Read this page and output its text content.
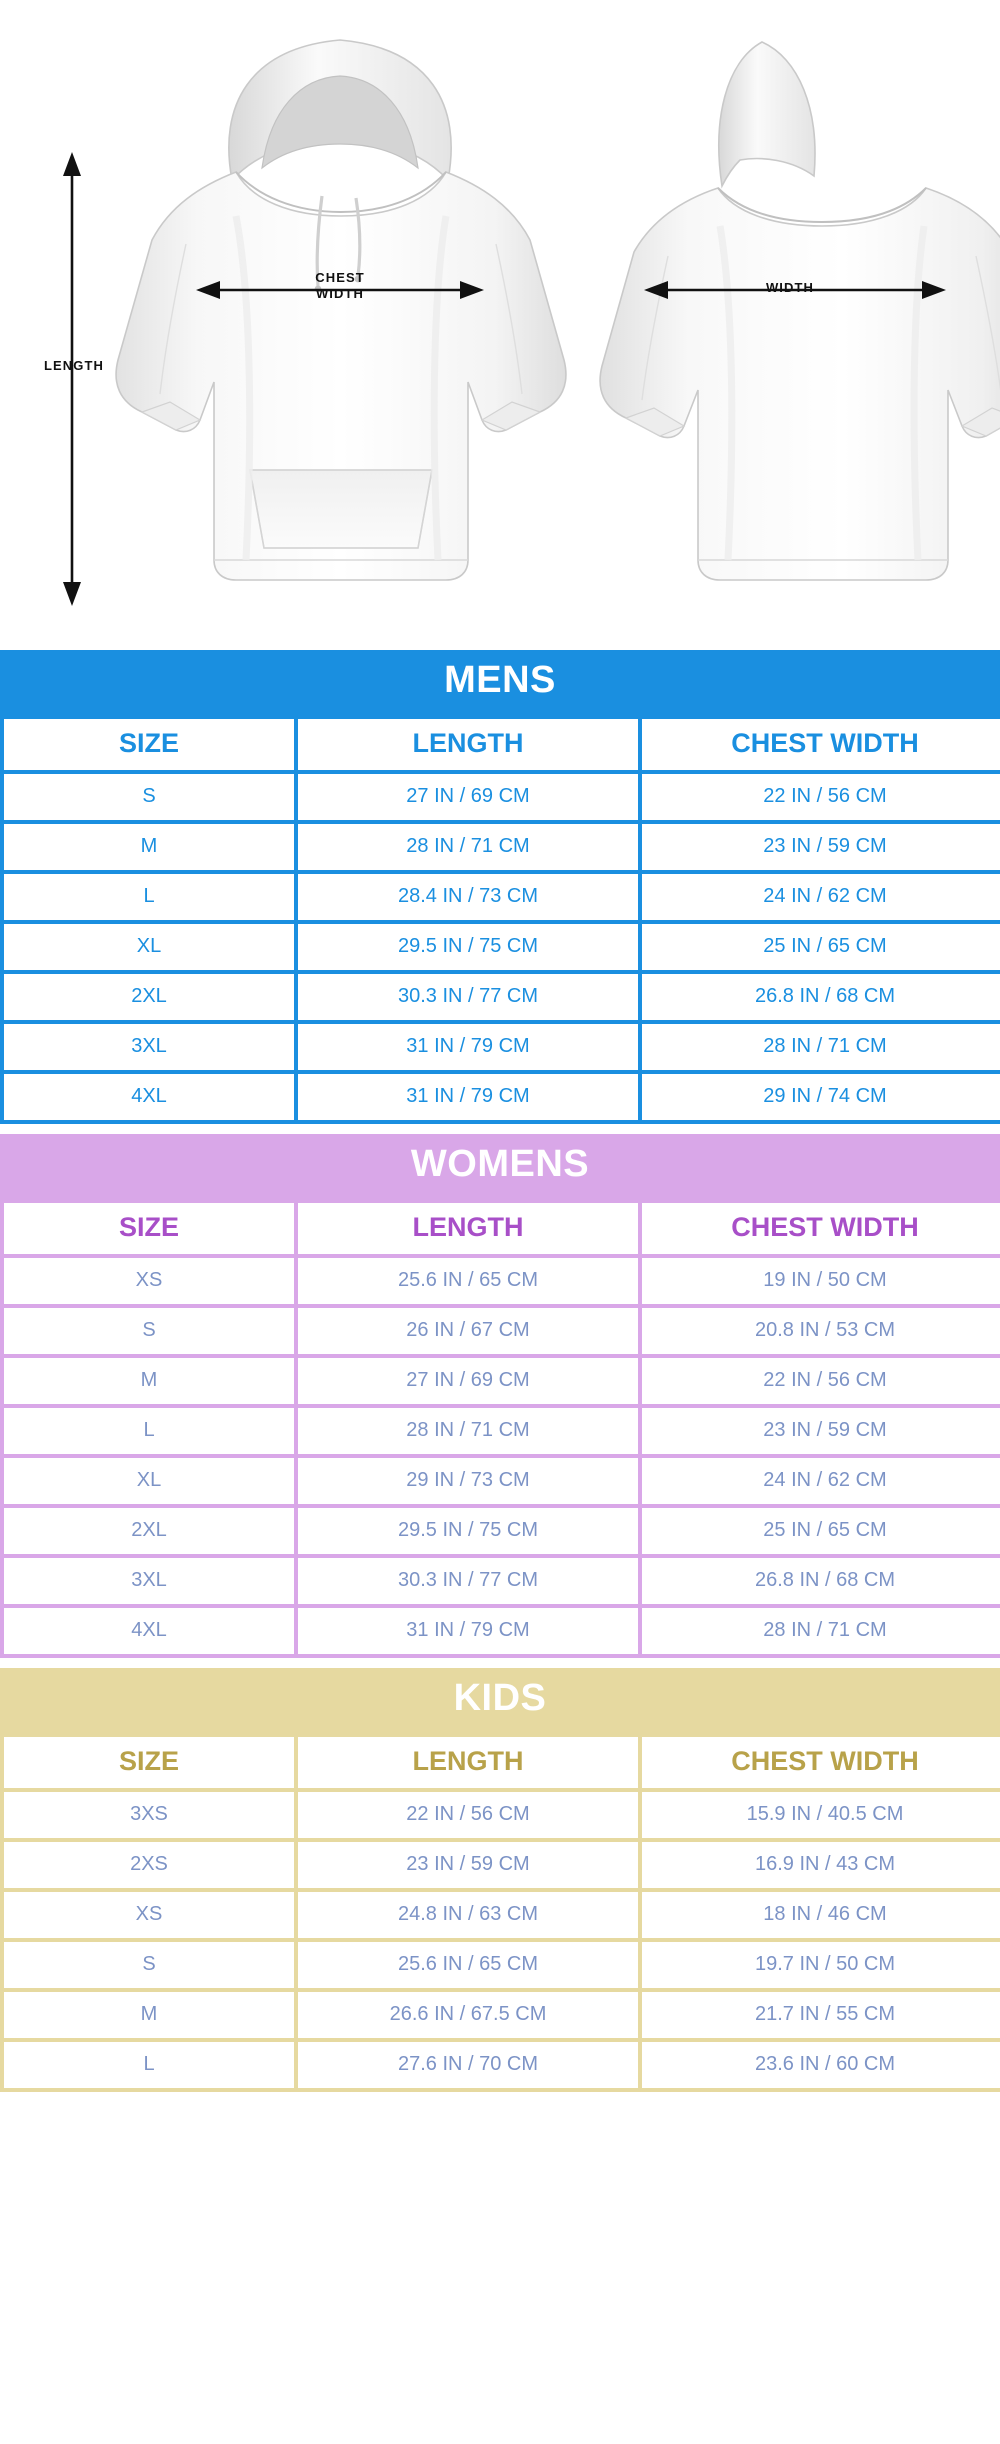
LENGTH
CHEST
WIDTH	WIDTH
MENS
SIZE	LENGTH	CHEST WIDTH
S	27 IN / 69 CM	22 IN / 56 CM
M	28 IN / 71 CM	23 IN / 59 CM
L	28.4 IN / 73 CM	24 IN / 62 CM
XL	29.5 IN / 75 CM	25 IN / 65 CM
2XL	30.3 IN / 77 CM	26.8 IN / 68 CM
3XL	31 IN / 79 CM	28 IN / 71 CM
4XL	31 IN / 79 CM	29 IN / 74 CM
WOMENS
SIZE	LENGTH	CHEST WIDTH
XS	25.6 IN / 65 CM	19 IN / 50 CM
S	26 IN / 67 CM	20.8 IN / 53 CM
M	27 IN / 69 CM	22 IN / 56 CM
L	28 IN / 71 CM	23 IN / 59 CM
XL	29 IN / 73 CM	24 IN / 62 CM
2XL	29.5 IN / 75 CM	25 IN / 65 CM
3XL	30.3 IN / 77 CM	26.8 IN / 68 CM
4XL	31 IN / 79 CM	28 IN / 71 CM
KIDS
SIZE	LENGTH	CHEST WIDTH
3XS	22 IN / 56 CM	15.9 IN / 40.5 CM
2XS	23 IN / 59 CM	16.9 IN / 43 CM
XS	24.8 IN / 63 CM	18 IN / 46 CM
S	25.6 IN / 65 CM	19.7 IN / 50 CM
M	26.6 IN / 67.5 CM	21.7 IN / 55 CM
L	27.6 IN / 70 CM	23.6 IN / 60 CM
